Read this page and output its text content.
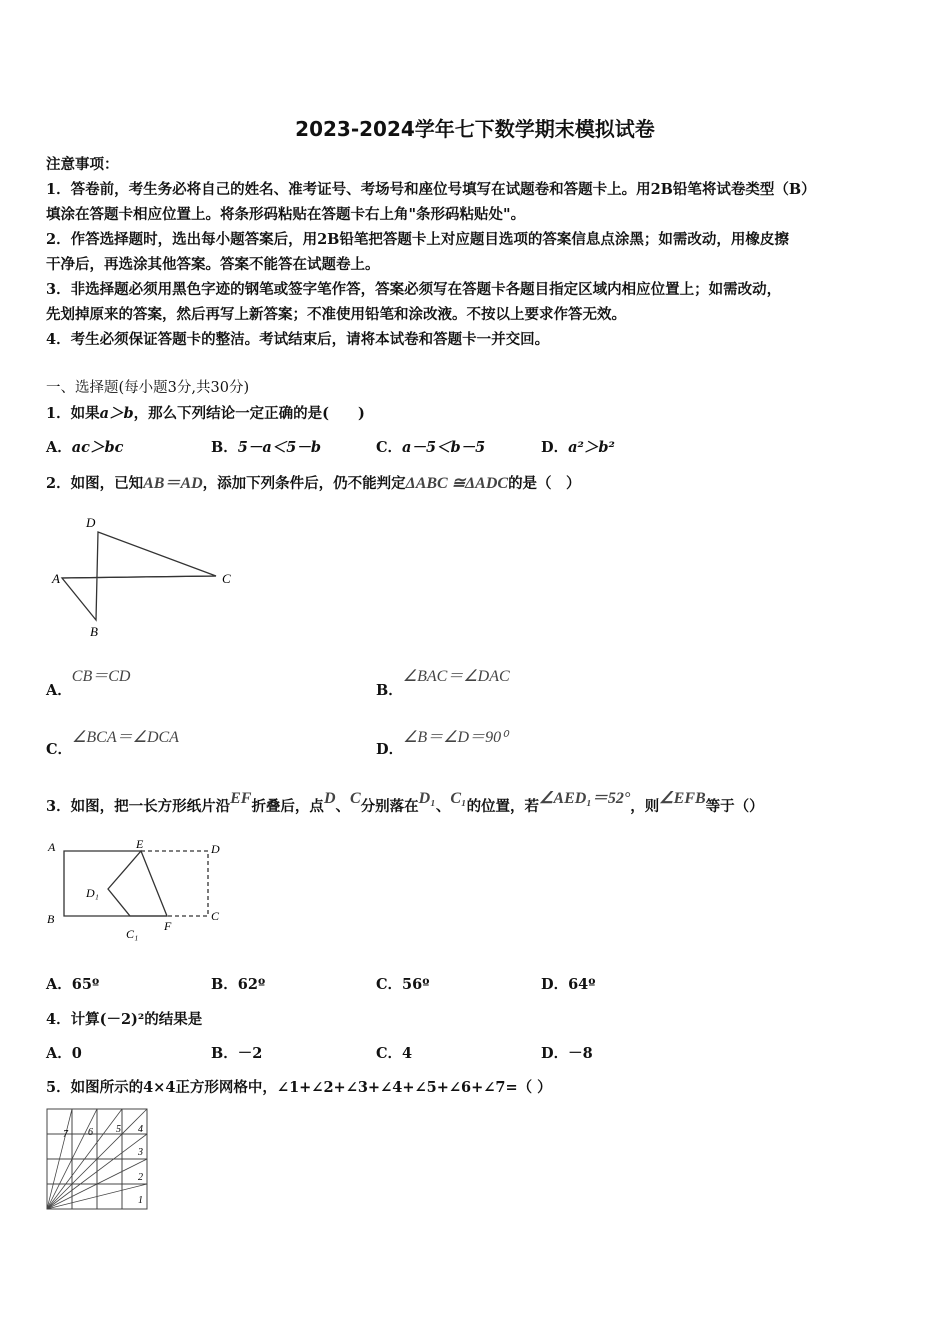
2023-2024学年七下数学期末模拟试卷
注意事项：
1．答卷前，考生务必将自己的姓名、准考证号、考场号和座位号填写在试题卷和答题卡上。用2B铅笔将试卷类型（B）
填涂在答题卡相应位置上。将条形码粘贴在答题卡右上角"条形码粘贴处"。
2．作答选择题时，选出每小题答案后，用2B铅笔把答题卡上对应题目选项的答案信息点涂黑；如需改动，用橡皮擦
干净后，再选涂其他答案。答案不能答在试题卷上。
3．非选择题必须用黑色字迹的钢笔或签字笔作答，答案必须写在答题卡各题目指定区域内相应位置上；如需改动，
先划掉原来的答案，然后再写上新答案；不准使用铅笔和涂改液。不按以上要求作答无效。
4．考生必须保证答题卡的整洁。考试结束后，请将本试卷和答题卡一并交回。
一、选择题(每小题3分,共30分)
1．如果a＞b，那么下列结论一定正确的是(　　)
A．ac＞bc	B．5－a＜5－b	C．a－5＜b－5	D．a²＞b²
2．如图，已知AB＝AD，添加下列条件后，仍不能判定ΔABC ≅ΔADC的是（　）
D
A	C
B
A．CB＝CD
B．∠BAC＝∠DAC
C．∠BCA＝∠DCA
D．∠B＝∠D＝90⁰
3．如图，把一长方形纸片沿EF折叠后，点D、C分别落在D₁、C₁的位置，若∠AED₁＝52°，则∠EFB等于（）
A	E	D
D₁
B	C
C₁
F
A．65º	B．62º	C．56º	D．64º
4．计算(－2)²的结果是
A．0	B．－2	C．4	D．－8
5．如图所示的4×4正方形网格中，∠1+∠2+∠3+∠4+∠5+∠6+∠7=（ ）
1
2
3
4
5
6
7
